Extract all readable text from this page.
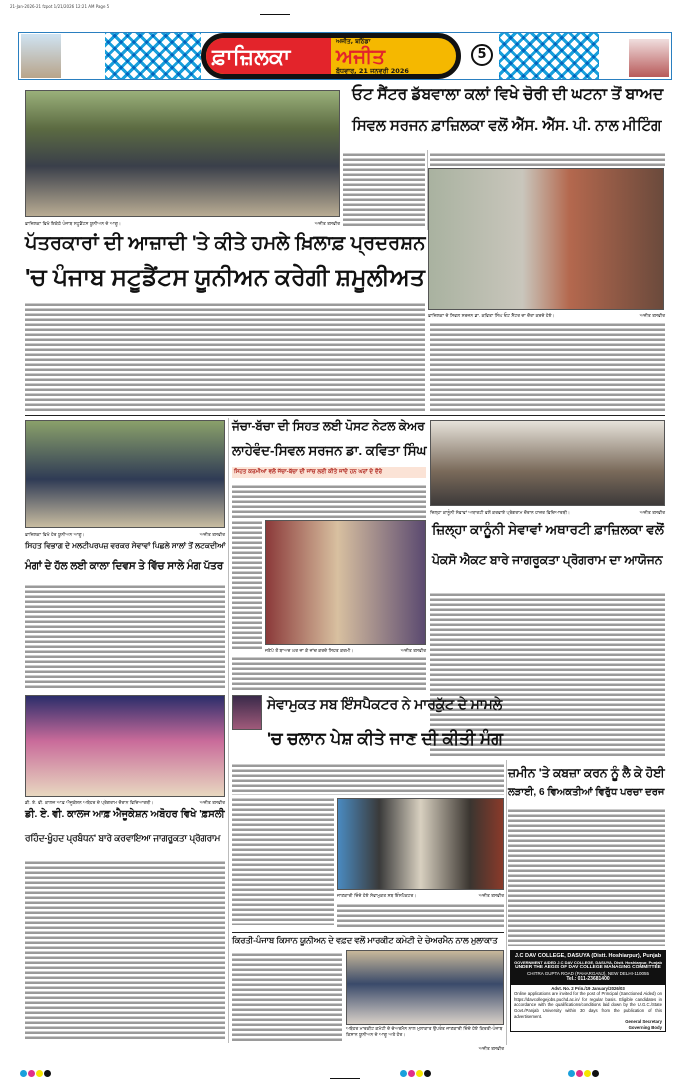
21-Jan-2026-21 fzpot 1/21/2026 12:21 AM Page 5
ਫ਼ਾਜ਼ਿਲਕਾ
ਅਜੀਤ, ਬਠਿੰਡਾ
ਅਜੀਤ
ਬੁੱਧਵਾਰ, 21 ਜਨਵਰੀ 2026
5
ਫ਼ਾਜ਼ਿਲਕਾ ਵਿਖੇ ਇਕੱਠੇ ਪੰਜਾਬ ਸਟੂਡੈਂਟਸ ਯੂਨੀਅਨ ਦੇ ਆਗੂ।	ਅਜੀਤ ਤਸਵੀਰ
ਪੱਤਰਕਾਰਾਂ ਦੀ ਆਜ਼ਾਦੀ 'ਤੇ ਕੀਤੇ ਹਮਲੇ ਖ਼ਿਲਾਫ਼ ਪ੍ਰਦਰਸ਼ਨ
'ਚ ਪੰਜਾਬ ਸਟੂਡੈਂਟਸ ਯੂਨੀਅਨ ਕਰੇਗੀ ਸ਼ਮੂਲੀਅਤ
ਓਟ ਸੈਂਟਰ ਡੱਬਵਾਲਾ ਕਲਾਂ ਵਿਖੇ ਚੋਰੀ ਦੀ ਘਟਨਾ ਤੋਂ ਬਾਅਦ
ਸਿਵਲ ਸਰਜਨ ਫ਼ਾਜ਼ਿਲਕਾ ਵਲੋਂ ਐੱਸ. ਐੱਸ. ਪੀ. ਨਾਲ ਮੀਟਿੰਗ
ਫ਼ਾਜ਼ਿਲਕਾ ਦੇ ਸਿਵਲ ਸਰਜਨ ਡਾ. ਕਵਿਤਾ ਸਿੰਘ ਓਟ ਸੈਂਟਰ ਦਾ ਦੌਰਾ ਕਰਦੇ ਹੋਏ।	ਅਜੀਤ ਤਸਵੀਰ
ਫ਼ਾਜ਼ਿਲਕਾ ਵਿਖੇ ਹੋਰ ਯੂਨੀਅਨ ਆਗੂ।	ਅਜੀਤ ਤਸਵੀਰ
ਸਿਹਤ ਵਿਭਾਗ ਦੇ ਮਲਟੀਪਰਪਜ਼ ਵਰਕਰ ਸੇਵਾਵਾਂ ਪਿਛਲੇ ਸਾਲਾਂ ਤੋਂ ਲਟਕਦੀਆਂ
ਮੰਗਾਂ ਦੇ ਹੱਲ ਲਈ ਕਾਲਾ ਦਿਵਸ ਤੇ ਵਿੱਚ ਸਾਲੇ ਮੰਗ ਪੱਤਰ
ਜੱਚਾ-ਬੱਚਾ ਦੀ ਸਿਹਤ ਲਈ ਪੋਸਟ ਨੇਟਲ ਕੇਅਰ
ਲਾਹੇਵੰਦ-ਸਿਵਲ ਸਰਜਨ ਡਾ. ਕਵਿਤਾ ਸਿੰਘ
ਸਿਹਤ ਕਰਮੀਆਂ ਵਲੋਂ ਜੱਚਾ-ਬੱਚਾ ਦੀ ਜਾਂਚ ਲਈ ਕੀਤੇ ਜਾਂਦੇ ਹਨ ਘਰਾਂ ਦੇ ਦੌਰੇ
ਜਣੇਪੇ ਤੋਂ ਬਾਅਦ ਘਰ ਜਾ ਕੇ ਜਾਂਚ ਕਰਦੇ ਸਿਹਤ ਕਰਮੀ।	ਅਜੀਤ ਤਸਵੀਰ
ਜ਼ਿਲ੍ਹਾ ਕਾਨੂੰਨੀ ਸੇਵਾਵਾਂ ਅਥਾਰਟੀ ਵਲੋਂ ਕਰਵਾਏ ਪ੍ਰੋਗਰਾਮ ਦੌਰਾਨ ਹਾਜ਼ਰ ਵਿਦਿਆਰਥੀ।	ਅਜੀਤ ਤਸਵੀਰ
ਜ਼ਿਲ੍ਹਾ ਕਾਨੂੰਨੀ ਸੇਵਾਵਾਂ ਅਥਾਰਟੀ ਫ਼ਾਜ਼ਿਲਕਾ ਵਲੋਂ
ਪੋਕਸੋ ਐਕਟ ਬਾਰੇ ਜਾਗਰੂਕਤਾ ਪ੍ਰੋਗਰਾਮ ਦਾ ਆਯੋਜਨ
ਡੀ. ਏ. ਵੀ. ਕਾਲਜ ਆਫ਼ ਐਜੂਕੇਸ਼ਨ ਅਬੋਹਰ ਦੇ ਪ੍ਰੋਗਰਾਮ ਦੌਰਾਨ ਵਿਦਿਆਰਥੀ।	ਅਜੀਤ ਤਸਵੀਰ
ਡੀ. ਏ. ਵੀ. ਕਾਲਜ ਆਫ਼ ਐਜੂਕੇਸ਼ਨ ਅਬੋਹਰ ਵਿਖੇ 'ਫ਼ਸਲੀ
ਰਹਿੰਦ-ਖੂੰਹਦ ਪ੍ਰਬੰਧਨ' ਬਾਰੇ ਕਰਵਾਇਆ ਜਾਗਰੂਕਤਾ ਪ੍ਰੋਗਰਾਮ
ਸੇਵਾਮੁਕਤ ਸਬ ਇੰਸਪੈਕਟਰ ਨੇ ਮਾਰਕੁੱਟ ਦੇ ਮਾਮਲੇ
'ਚ ਚਲਾਨ ਪੇਸ਼ ਕੀਤੇ ਜਾਣ ਦੀ ਕੀਤੀ ਮੰਗ
ਜਾਣਕਾਰੀ ਦਿੰਦੇ ਹੋਏ ਸੇਵਾਮੁਕਤ ਸਬ ਇੰਸਪੈਕਟਰ।	ਅਜੀਤ ਤਸਵੀਰ
ਜ਼ਮੀਨ 'ਤੇ ਕਬਜ਼ਾ ਕਰਨ ਨੂੰ ਲੈ ਕੇ ਹੋਈ
ਲੜਾਈ, 6 ਵਿਅਕਤੀਆਂ ਵਿਰੁੱਧ ਪਰਚਾ ਦਰਜ
ਕਿਰਤੀ-ਪੰਜਾਬ ਕਿਸਾਨ ਯੂਨੀਅਨ ਦੇ ਵਫ਼ਦ ਵਲੋਂ ਮਾਰਕੀਟ ਕਮੇਟੀ ਦੇ ਚੇਅਰਮੈਨ ਨਾਲ ਮੁਲਾਕਾਤ
ਅਬੋਹਰ ਮਾਰਕੀਟ ਕਮੇਟੀ ਦੇ ਚੇਅਰਮੈਨ ਨਾਲ ਮੁਲਾਕਾਤ ਉਪਰੰਤ ਜਾਣਕਾਰੀ ਦਿੰਦੇ ਹੋਏ ਕਿਰਤੀ-ਪੰਜਾਬ ਕਿਸਾਨ ਯੂਨੀਅਨ ਦੇ ਆਗੂ ਅਤੇ ਹੋਰ।
ਅਜੀਤ ਤਸਵੀਰ
J.C DAV COLLEGE, DASUYA (Distt. Hoshiarpur), Punjab
GOVERNMENT AIDED J.C DAV COLLEGE, DASUYA, Distt. Hoshiarpur, Punjab
UNDER THE AEGIS OF DAV COLLEGE MANAGING COMMITTEE
CHITRA GUPTA ROAD (PAHARGANJ), NEW DELHI-110055
Tel.: 011-23681400
Advt. No. 2 Prin./19 January/2026/03
Online applications are invited for the post of Principal (Sanctioned Aided) on https://davcollegejobs.puchd.ac.in/ for regular basis. Eligible candidates in accordance with the qualifications/conditions laid down by the U.G.C./State Govt./Panjab University within 30 days from the publication of this advertisement.
General Secretary
Governing Body
